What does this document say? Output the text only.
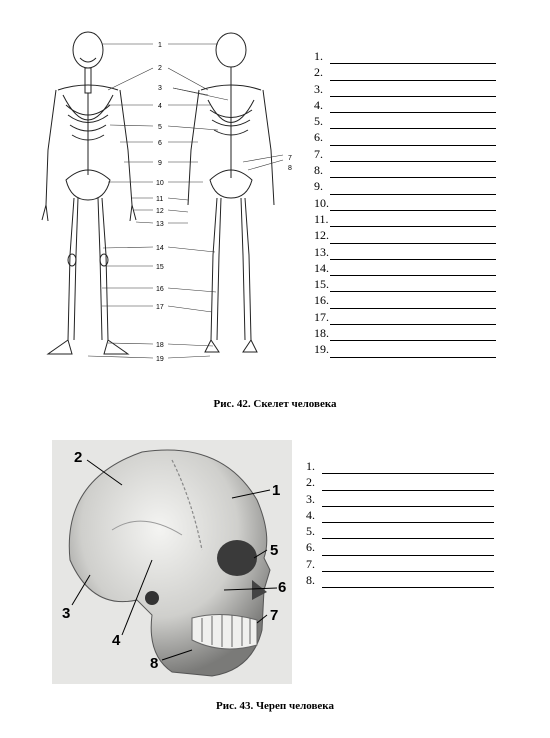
1
2
3
4
5
6
7
8
9
10
11
12
13
14
15
16
17
18
19
1.
2.
3.
4.
5.
6.
7.
8.
9.
10.
11.
12.
13.
14.
15.
16.
17.
18.
19.
Рис. 42. Скелет человека
2
1
3
4
5
6
7
8
1.
2.
3.
4.
5.
6.
7.
8.
Рис. 43. Череп человека
